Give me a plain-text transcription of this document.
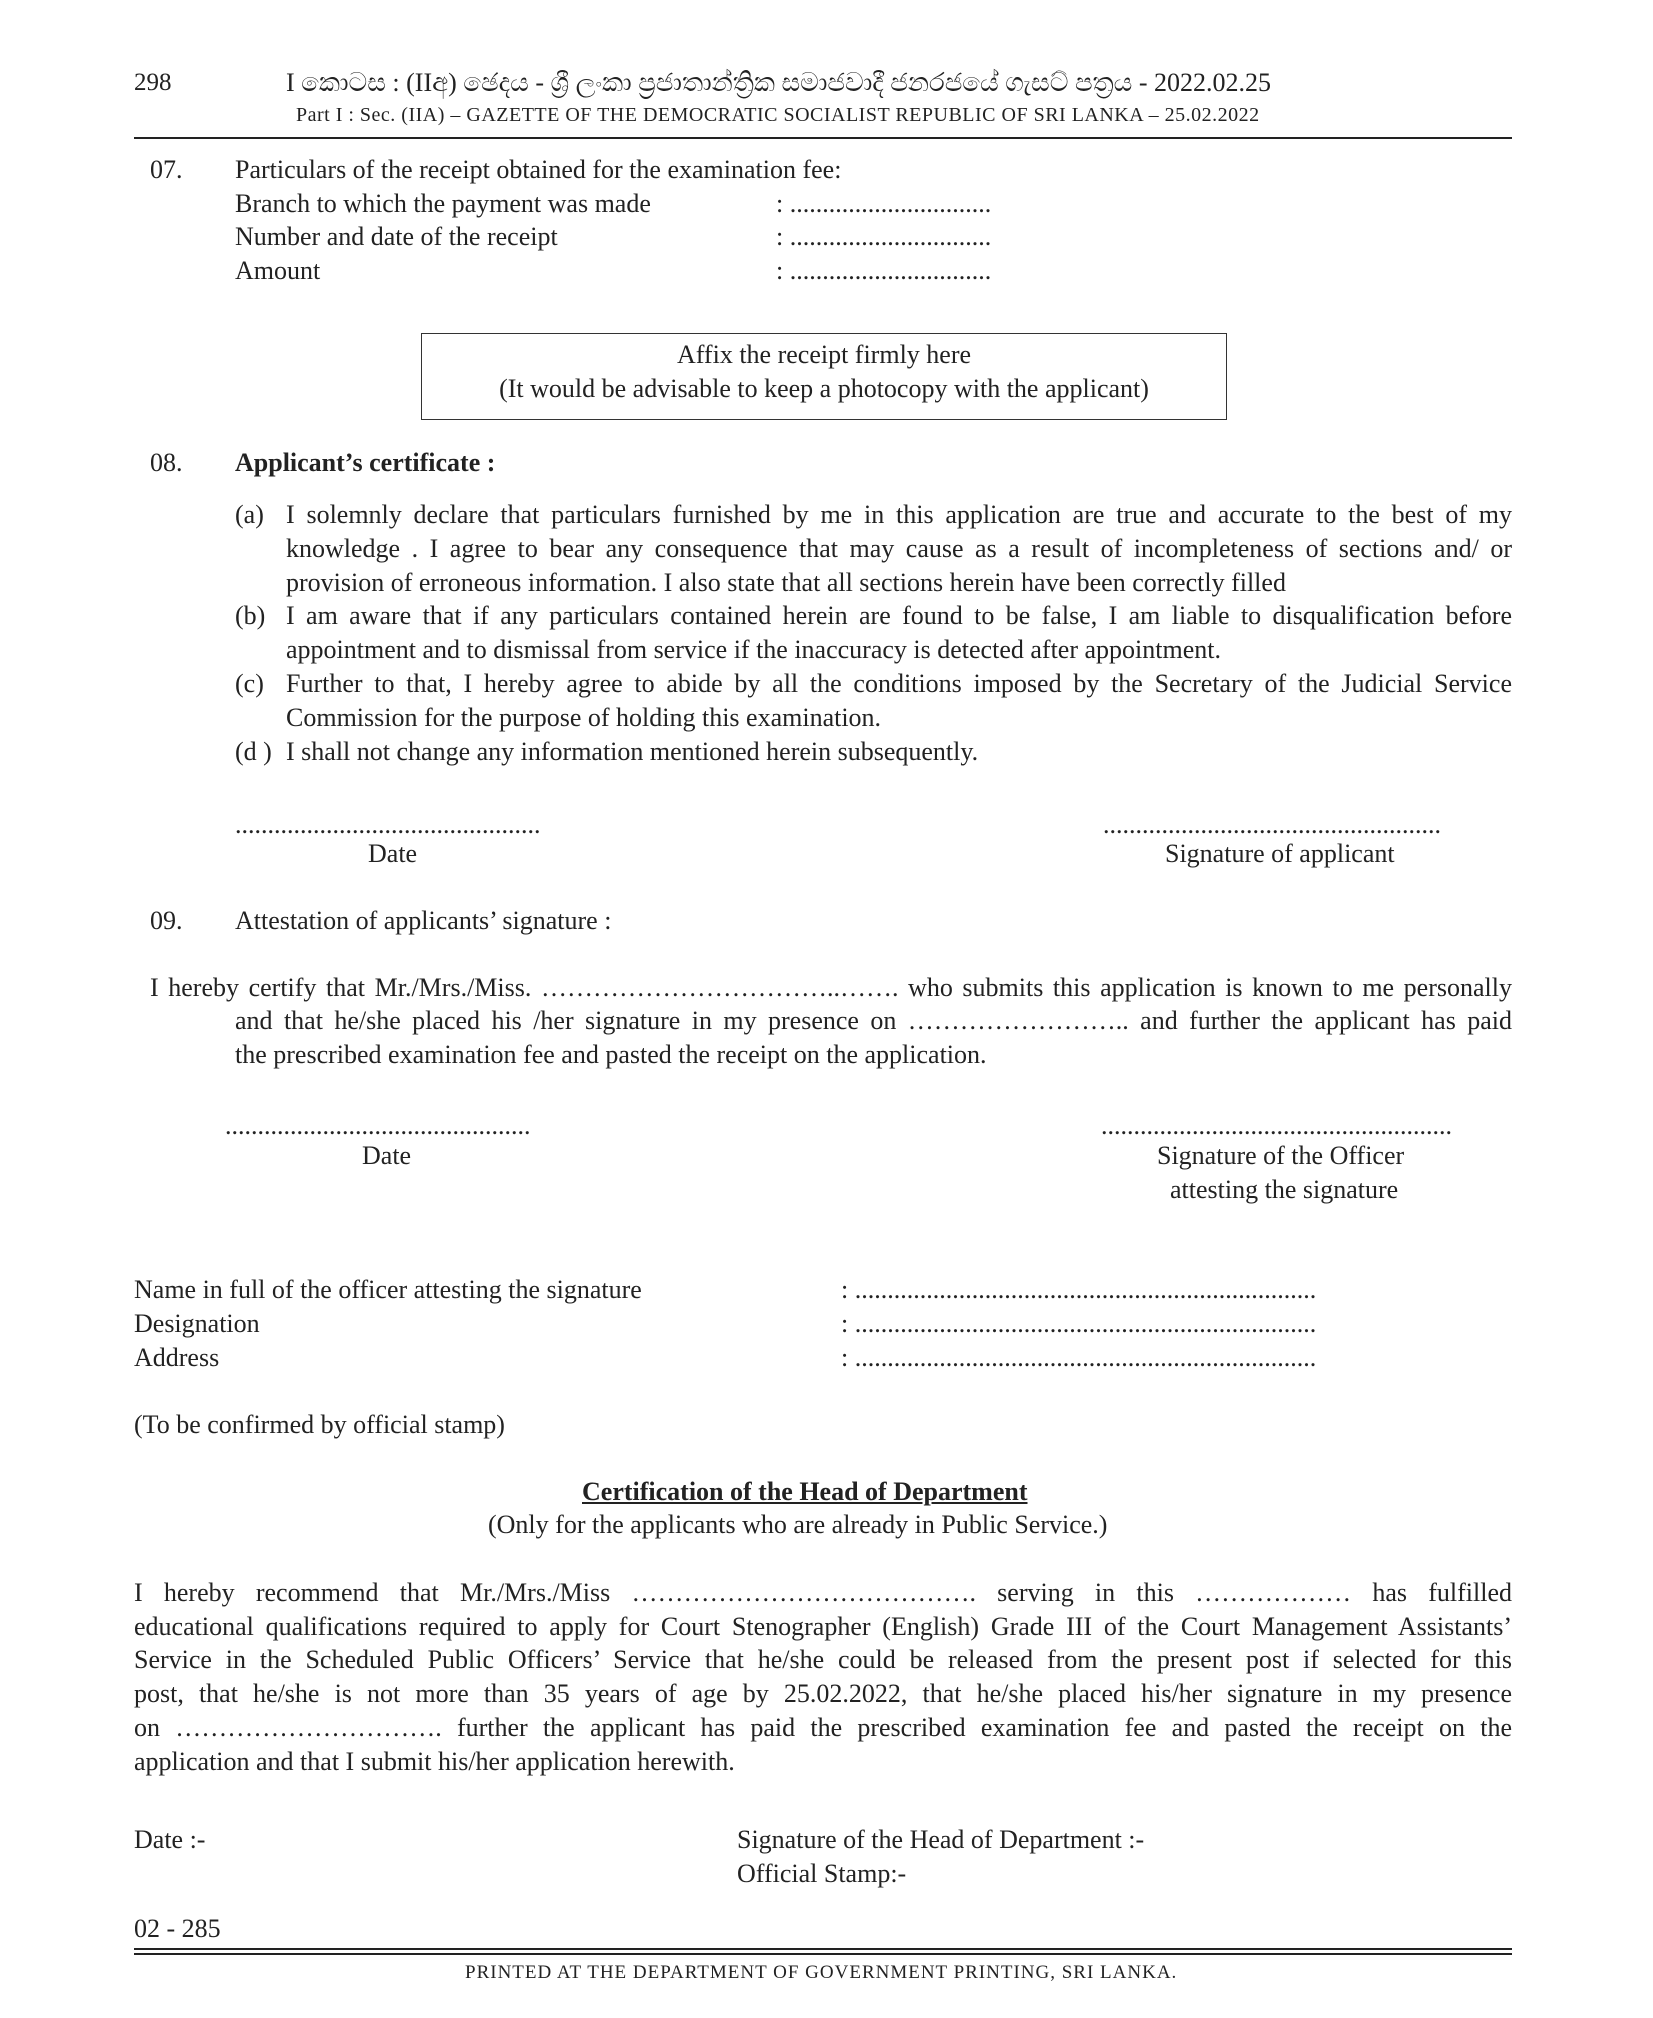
298	I කොටස : (IIඅ) ඡෙදය - ශ්‍රී ලංකා ප්‍රජාතාන්ත්‍රික සමාජවාදී ජනරජයේ ගැසට් පත්‍රය - 2022.02.25
Part I : Sec. (IIA) – GAZETTE OF THE DEMOCRATIC SOCIALIST REPUBLIC OF SRI LANKA – 25.02.2022
07. Particulars of the receipt obtained for the examination fee:
Branch to which the payment was made	: ...............................
Number and date of the receipt	: ...............................
Amount	: ...............................
Affix the receipt firmly here
(It would be advisable to keep a photocopy with the applicant)
08. Applicant’s certificate :
(a) I solemnly declare that particulars furnished by me in this application are true and accurate to the best of my
knowledge . I agree to bear any consequence that may cause as a result of incompleteness of sections and/ or
provision of erroneous information. I also state that all sections herein have been correctly filled
(b) I am aware that if any particulars contained herein are found to be false, I am liable to disqualification before
appointment and to dismissal from service if the inaccuracy is detected after appointment.
(c) Further to that, I hereby agree to abide by all the conditions imposed by the Secretary of the Judicial Service
Commission for the purpose of holding this examination.
(d ) I shall not change any information mentioned herein subsequently.
...............................................
Date
....................................................
Signature of applicant
09. Attestation of applicants’ signature :
I hereby certify that Mr./Mrs./Miss. ……………………………..……. who submits this application is known to me personally
and that he/she placed his /her signature in my presence on …………………….. and further the applicant has paid
the prescribed examination fee and pasted the receipt on the application.
...............................................
Date
......................................................
Signature of the Officer
attesting the signature
Name in full of the officer attesting the signature	: .......................................................................
Designation	: .......................................................................
Address	: .......................................................................
(To be confirmed by official stamp)
Certification of the Head of Department
(Only for the applicants who are already in Public Service.)
I hereby recommend that Mr./Mrs./Miss …………………………………. serving in this ……………… has fulfilled
educational qualifications required to apply for Court Stenographer (English) Grade III of the Court Management Assistants’
Service in the Scheduled Public Officers’ Service that he/she could be released from the present post if selected for this
post, that he/she is not more than 35 years of age by 25.02.2022, that he/she placed his/her signature in my presence
on …………………………. further the applicant has paid the prescribed examination fee and pasted the receipt on the
application and that I submit his/her application herewith.
Date :-	Signature of the Head of Department :-
Official Stamp:-
02 - 285
PRINTED AT THE DEPARTMENT OF GOVERNMENT PRINTING, SRI LANKA.
